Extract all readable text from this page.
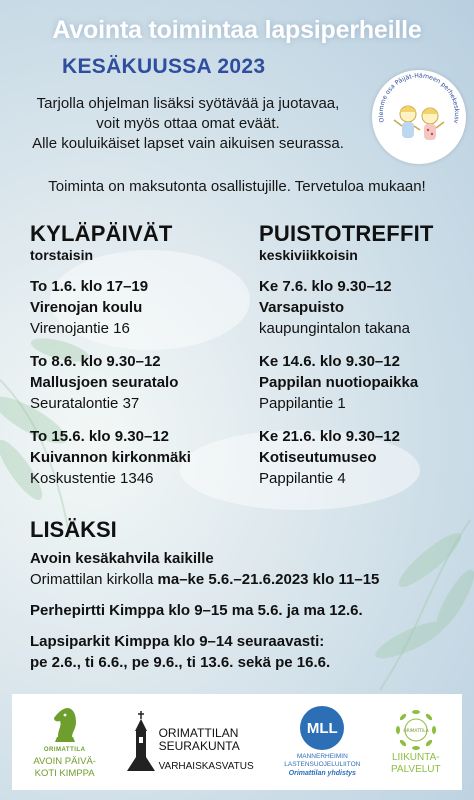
Avointa toimintaa lapsiperheille
KESÄKUUSSA 2023
Tarjolla ohjelman lisäksi syötävää ja juotavaa,
voit myös ottaa omat eväät.
Alle kouluikäiset lapset vain aikuisen seurassa.
Olemme osa Päijät-Hämeen perhekeskusv
Toiminta on maksutonta osallistujille. Tervetuloa mukaan!
KYLÄPÄIVÄT
torstaisin
To 1.6. klo 17–19
Virenojan koulu
Virenojantie 16
To 8.6. klo 9.30–12
Mallusjoen seuratalo
Seuratalontie 37
To 15.6. klo 9.30–12
Kuivannon kirkonmäki
Koskustentie 1346
PUISTOTREFFIT
keskiviikkoisin
Ke 7.6. klo 9.30–12
Varsapuisto
kaupungintalon takana
Ke 14.6. klo 9.30–12
Pappilan nuotiopaikka
Pappilantie 1
Ke 21.6. klo 9.30–12
Kotiseutumuseo
Pappilantie 4
LISÄKSI

Avoin kesäkahvila kaikille

Orimattilan kirkolla ma–ke 5.6.–21.6.2023 klo 11–15

Perhepirtti Kimppa klo 9–15 ma 5.6. ja ma 12.6.

Lapsiparkit Kimppa klo 9–14 seuraavasti:

pe 2.6., ti 6.6., pe 9.6., ti 13.6. sekä pe 16.6.

ORIMATTILA
AVOIN PÄIVÄ-
KOTI KIMPPA
ORIMATTILAN
SEURAKUNTA
VARHAISKASVATUS
MLL
MANNERHEIMIN
LASTENSUOJELULIITON
Orimattilan yhdistys
ORIMATTILA
LIIKUNTA-
PALVELUT
